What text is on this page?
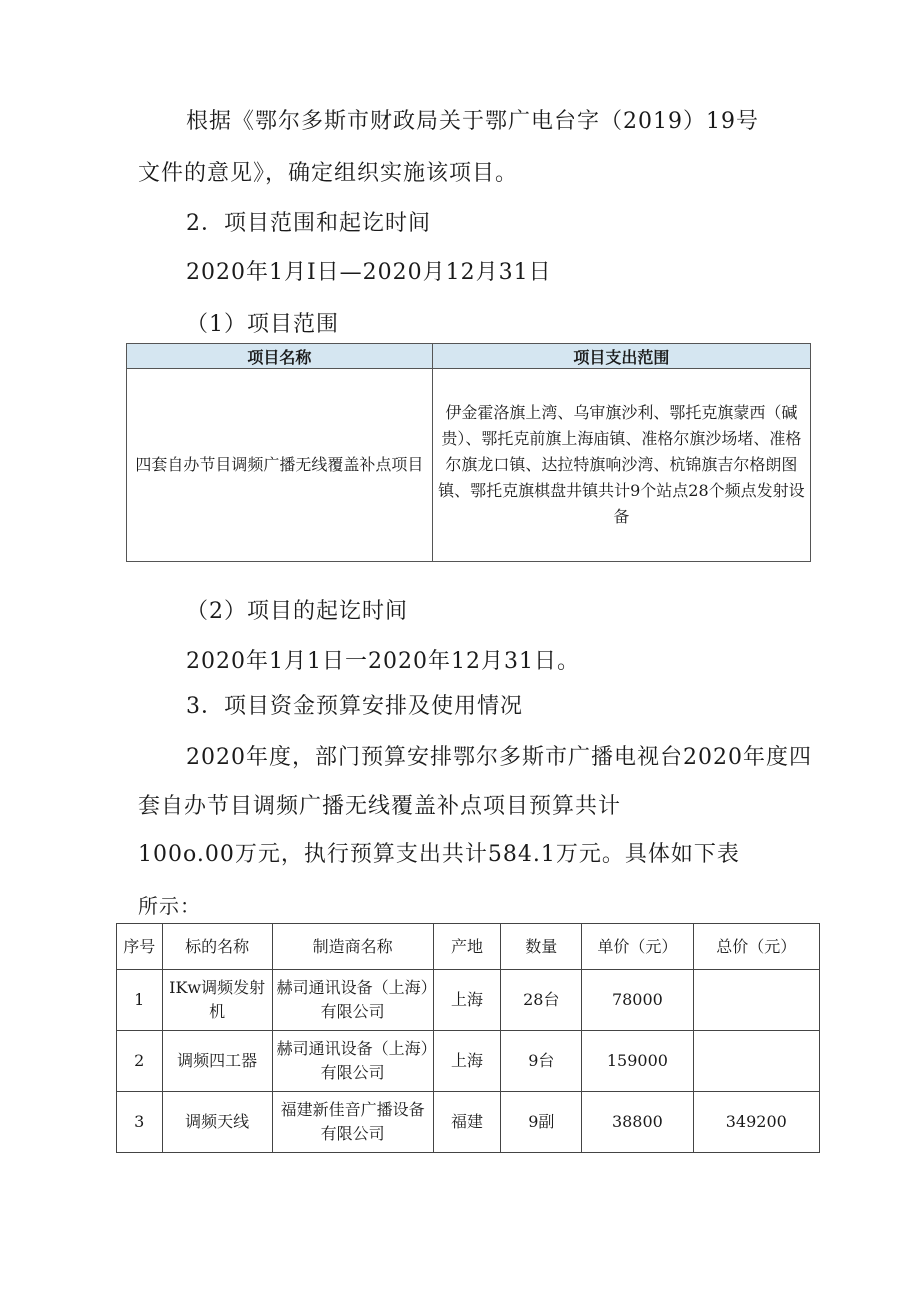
根据《鄂尔多斯市财政局关于鄂广电台字（2019）19号
文件的意见》，确定组织实施该项目。
2．项目范围和起讫时间
2020年1月I日—2020月12月31日
（1）项目范围
项目名称	项目支出范围
四套自办节目调频广播无线覆盖补点项目	伊金霍洛旗上湾、乌审旗沙利、鄂托克旗蒙西（碱贵）、鄂托克前旗上海庙镇、准格尔旗沙场堵、准格尔旗龙口镇、达拉特旗响沙湾、杭锦旗吉尔格朗图镇、鄂托克旗棋盘井镇共计9个站点28个频点发射设备
（2）项目的起讫时间
2020年1月1日一2020年12月31日。
3．项目资金预算安排及使用情况
2020年度，部门预算安排鄂尔多斯市广播电视台2020年度四
套自办节目调频广播无线覆盖补点项目预算共计
100o.00万元，执行预算支出共计584.1万元。具体如下表
所示：
序号	标的名称	制造商名称	产地	数量	单价（元）	总价（元）
1	IKw调频发射机	赫司通讯设备（上海）有限公司	上海	28台	78000	
2	调频四工器	赫司通讯设备（上海）有限公司	上海	9台	159000	
3	调频天线	福建新佳音广播设备有限公司	福建	9副	38800	349200
